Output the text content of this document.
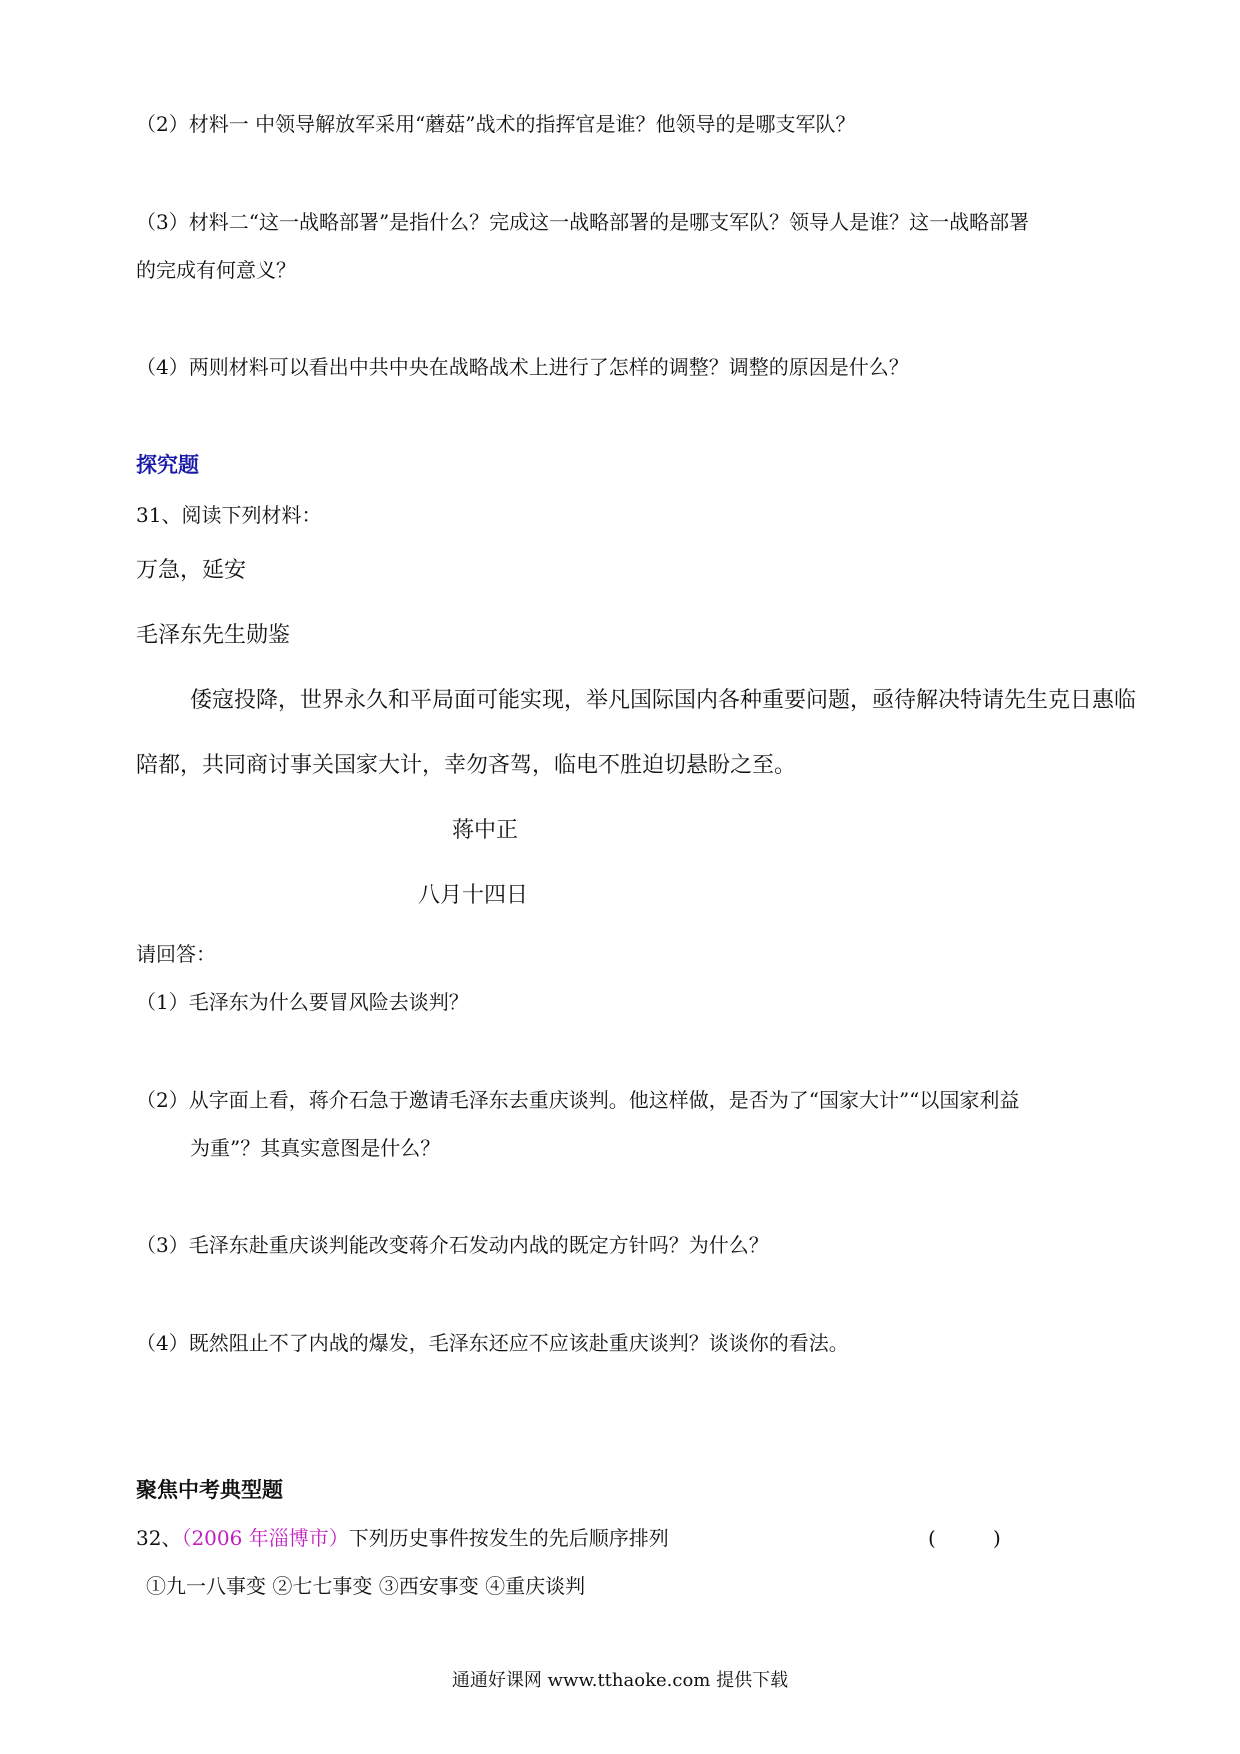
（2）材料一 中领导解放军采用“蘑菇”战术的指挥官是谁？他领导的是哪支军队？
（3）材料二“这一战略部署”是指什么？完成这一战略部署的是哪支军队？领导人是谁？这一战略部署
的完成有何意义？
（4）两则材料可以看出中共中央在战略战术上进行了怎样的调整？调整的原因是什么？
探究题
31、阅读下列材料：
万急，延安
毛泽东先生勋鉴
倭寇投降，世界永久和平局面可能实现，举凡国际国内各种重要问题，亟待解决特请先生克日惠临
陪都，共同商讨事关国家大计，幸勿吝驾，临电不胜迫切悬盼之至。
蒋中正
八月十四日
请回答：
（1）毛泽东为什么要冒风险去谈判？
（2）从字面上看，蒋介石急于邀请毛泽东去重庆谈判。他这样做，是否为了“国家大计”“以国家利益
为重”？其真实意图是什么？
（3）毛泽东赴重庆谈判能改变蒋介石发动内战的既定方针吗？为什么？
（4）既然阻止不了内战的爆发，毛泽东还应不应该赴重庆谈判？谈谈你的看法。
聚焦中考典型题
32、（2006 年淄博市）下列历史事件按发生的先后顺序排列	(         )
①九一八事变 ②七七事变 ③西安事变 ④重庆谈判
通通好课网 www.tthaoke.com 提供下载
